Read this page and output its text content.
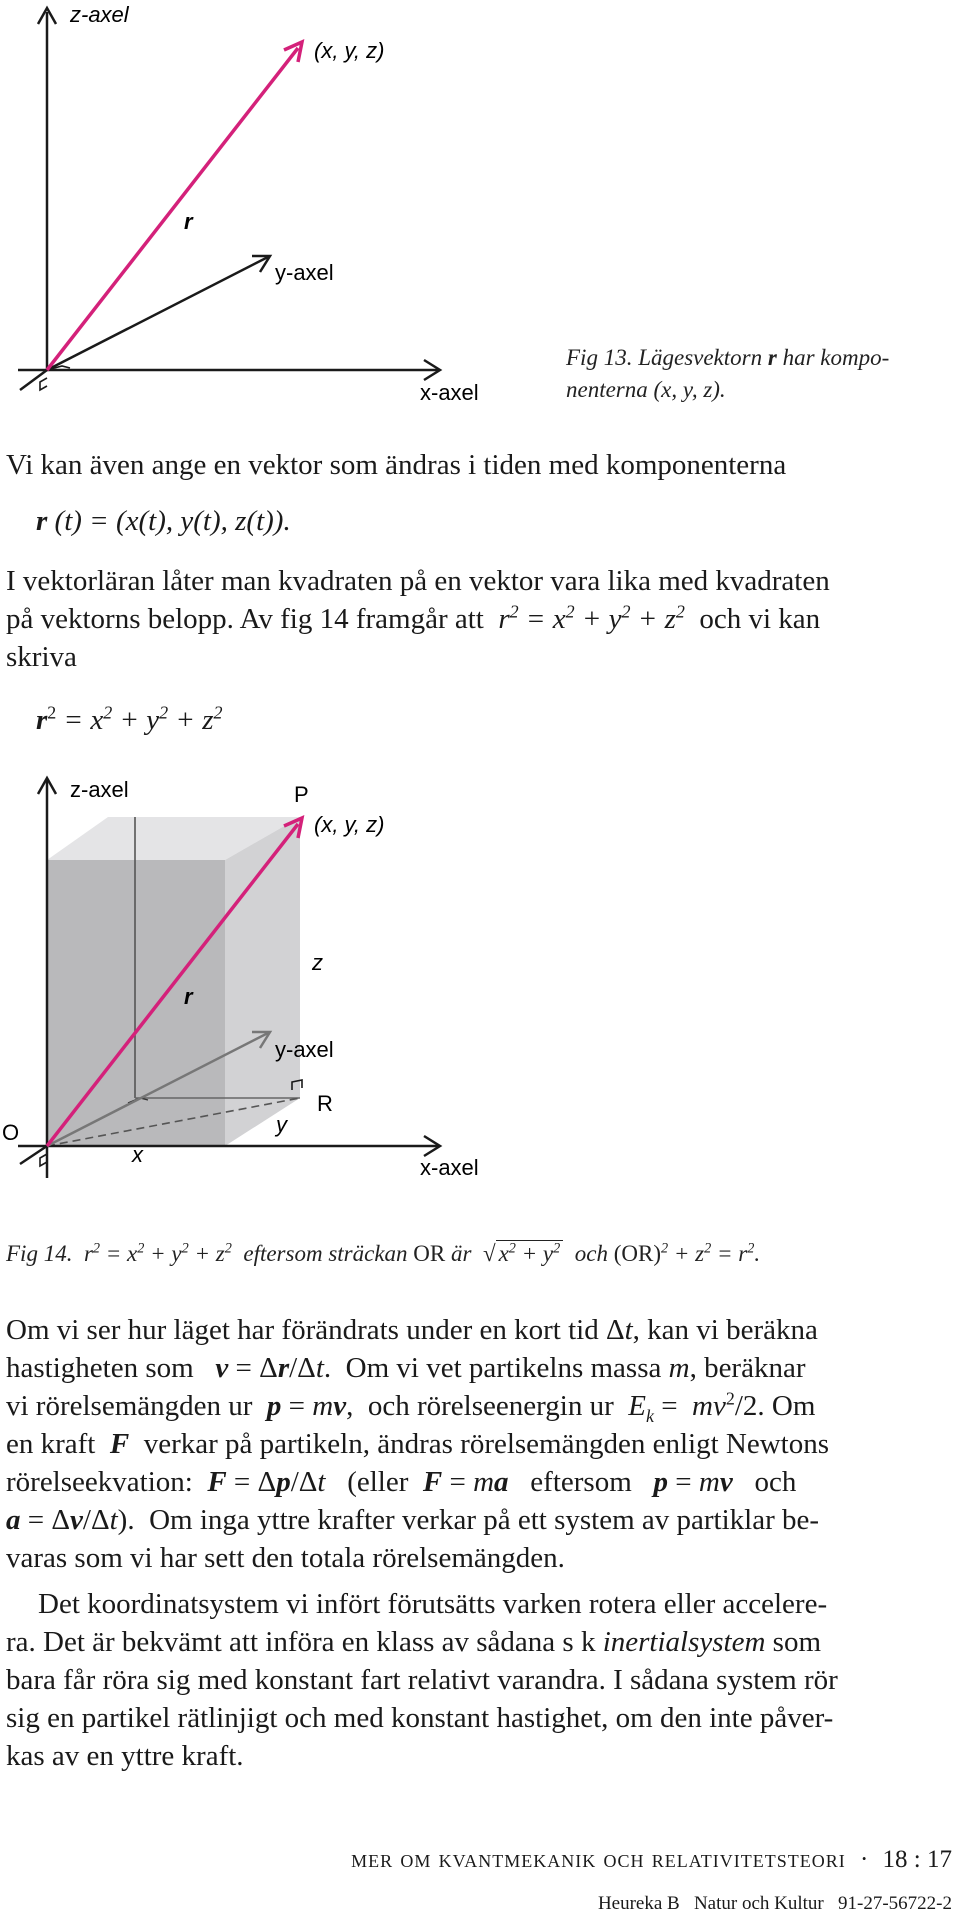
z-axel
(x, y, z)
r
y-axel
x-axel
Fig 13. Lägesvektorn r har kompo-
nenterna (x, y, z).
Vi kan även ange en vektor som ändras i tiden med komponenterna
r (t) = (x(t), y(t), z(t)).
I vektorläran låter man kvadraten på en vektor vara lika med kvadraten
på vektorns belopp. Av fig 14 framgår att $r^2 = x^2 + y^2 + z^2$ och vi kan
skriva
$r^2 = x^2 + y^2 + z^2$
z-axel	P
(x, y, z)
z
r
y-axel
R
O	y
x
x-axel
Fig 14. $r^2 = x^2 + y^2 + z^2$ eftersom sträckan OR är √ $x^2 + y^2$ och $(OR)^2 + z^2 = r^2$.
Om vi ser hur läget har förändrats under en kort tid Δt, kan vi beräkna
hastigheten som v = Δr/Δt. Om vi vet partikelns massa m, beräknar
vi rörelsemängden ur p = mv, och rörelseenergin ur $E_k = mv^2/2$. Om
en kraft F verkar på partikeln, ändras rörelsemängden enligt Newtons
rörelseekvation: F = Δp/Δt (eller F = ma eftersom p = mv och
a = Δv/Δt). Om inga yttre krafter verkar på ett system av partiklar be-
varas som vi har sett den totala rörelsemängden.
Det koordinatsystem vi infört förutsätts varken rotera eller accelere-
ra. Det är bekvämt att införa en klass av sådana s k inertialsystem som
bara får röra sig med konstant fart relativt varandra. I sådana system rör
sig en partikel rätlinjigt och med konstant hastighet, om den inte påver-
kas av en yttre kraft.
mer om kvantmekanik och relativitetsteori · 18 : 17
Heureka B   Natur och Kultur   91-27-56722-2
